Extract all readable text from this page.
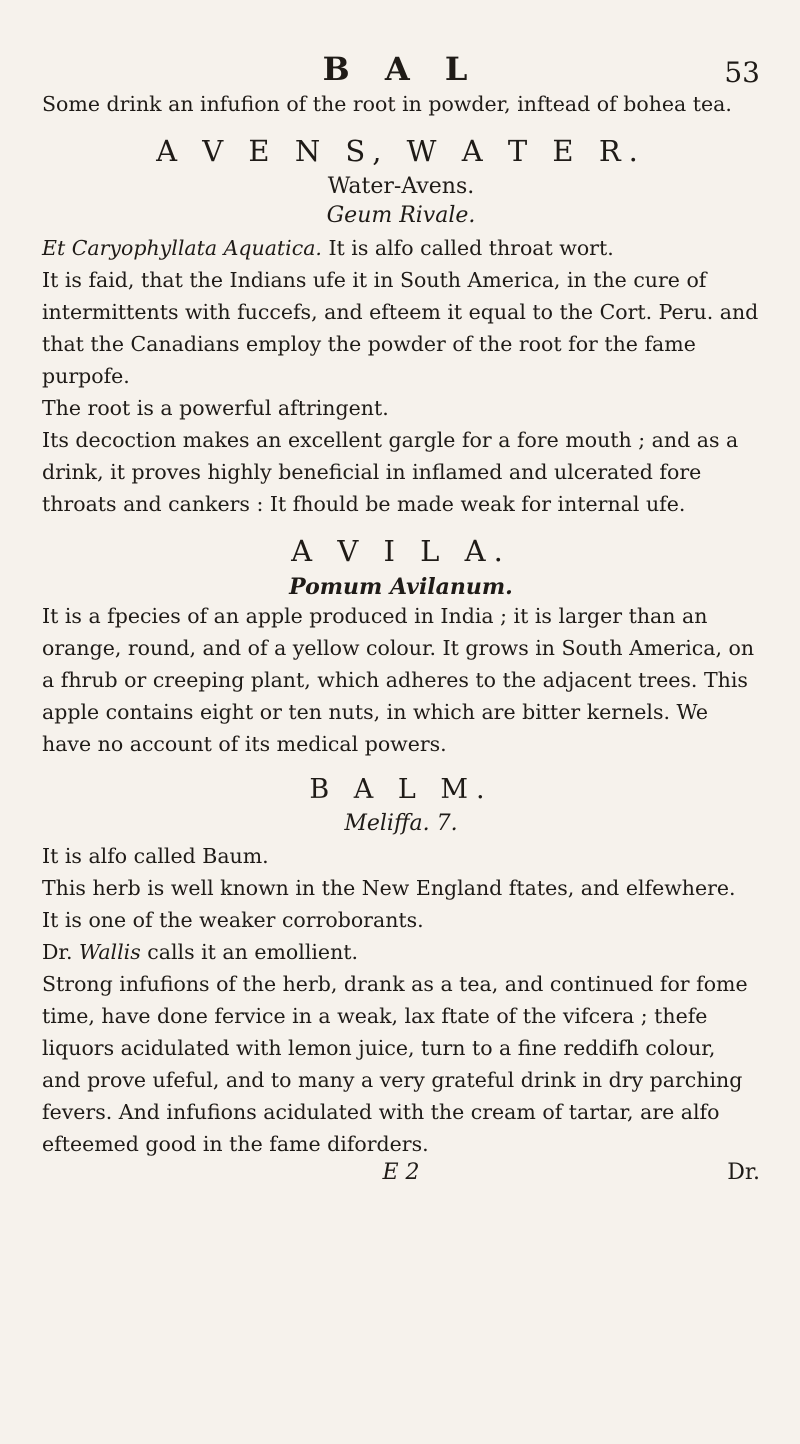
B A L	53

Some drink an infufion of the root in powder, inftead of bohea tea.

A V E N S, W A T E R.
Water-Avens.
Geum Rivale.

Et Caryophyllata Aquatica. It is alfo called throat wort.

It is faid, that the Indians ufe it in South America, in the cure of intermittents with fuccefs, and efteem it equal to the Cort. Peru. and that the Canadians employ the powder of the root for the fame purpofe.

The root is a powerful aftringent.

Its decoction makes an excellent gargle for a fore mouth ; and as a drink, it proves highly beneficial in inflamed and ulcerated fore throats and cankers : It fhould be made weak for internal ufe.

A V I L A.
Pomum Avilanum.

It is a fpecies of an apple produced in India ; it is larger than an orange, round, and of a yellow colour. It grows in South America, on a fhrub or creeping plant, which adheres to the adjacent trees. This apple contains eight or ten nuts, in which are bitter kernels. We have no account of its medical powers.

B A L M.
Meliffa. 7.

It is alfo called Baum.

This herb is well known in the New England ftates, and elfewhere.

It is one of the weaker corroborants.

Dr. Wallis calls it an emollient.

Strong infufions of the herb, drank as a tea, and continued for fome time, have done fervice in a weak, lax ftate of the vifcera ; thefe liquors acidulated with lemon juice, turn to a fine reddifh colour, and prove ufeful, and to many a very grateful drink in dry parching fevers. And infufions acidulated with the cream of tartar, are alfo efteemed good in the fame diforders.

E 2	Dr.
